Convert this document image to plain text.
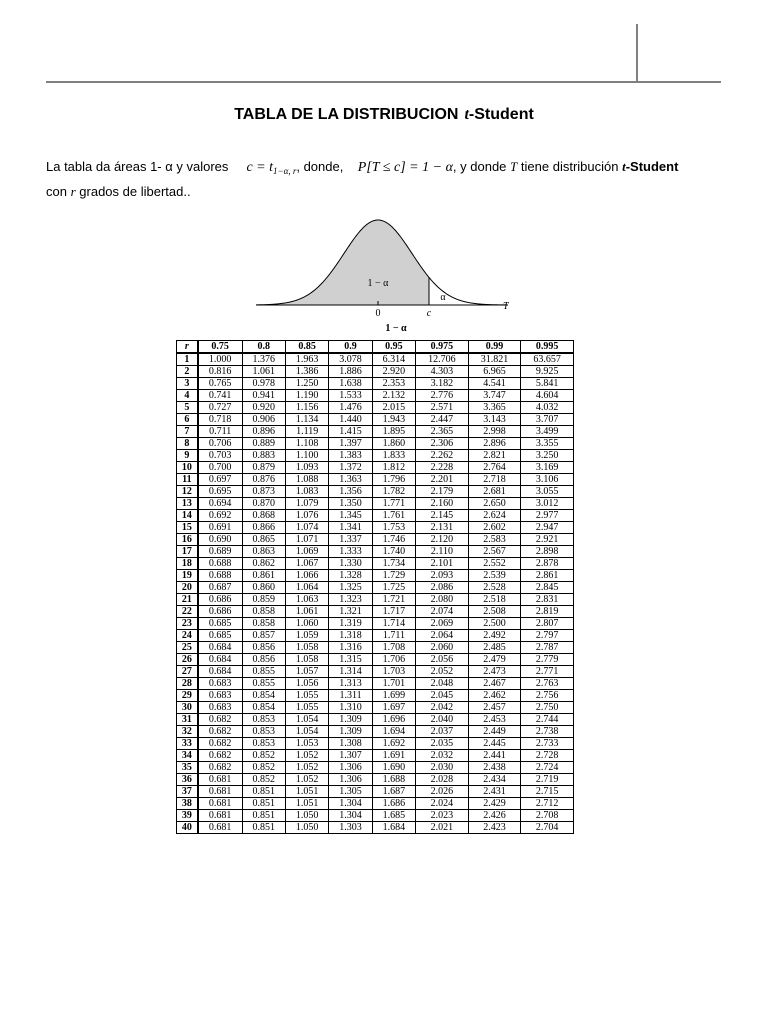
TABLA DE LA DISTRIBUCION t-Student
La tabla da áreas 1- α y valores $c = t_{1-\alpha, r}$, donde, P[T ≤ c] = 1 − α, y donde T tiene distribución t-Student
con r grados de libertad..
1 − α
α
0	c
T
1 − α
r	0.75	0.8	0.85	0.9	0.95	0.975	0.99	0.995
1	1.000	1.376	1.963	3.078	6.314	12.706	31.821	63.657
2	0.816	1.061	1.386	1.886	2.920	4.303	6.965	9.925
3	0.765	0.978	1.250	1.638	2.353	3.182	4.541	5.841
4	0.741	0.941	1.190	1.533	2.132	2.776	3.747	4.604
5	0.727	0.920	1.156	1.476	2.015	2.571	3.365	4.032
6	0.718	0.906	1.134	1.440	1.943	2.447	3.143	3.707
7	0.711	0.896	1.119	1.415	1.895	2.365	2.998	3.499
8	0.706	0.889	1.108	1.397	1.860	2.306	2.896	3.355
9	0.703	0.883	1.100	1.383	1.833	2.262	2.821	3.250
10	0.700	0.879	1.093	1.372	1.812	2.228	2.764	3.169
11	0.697	0.876	1.088	1.363	1.796	2.201	2.718	3.106
12	0.695	0.873	1.083	1.356	1.782	2.179	2.681	3.055
13	0.694	0.870	1.079	1.350	1.771	2.160	2.650	3.012
14	0.692	0.868	1.076	1.345	1.761	2.145	2.624	2.977
15	0.691	0.866	1.074	1.341	1.753	2.131	2.602	2.947
16	0.690	0.865	1.071	1.337	1.746	2.120	2.583	2.921
17	0.689	0.863	1.069	1.333	1.740	2.110	2.567	2.898
18	0.688	0.862	1.067	1.330	1.734	2.101	2.552	2.878
19	0.688	0.861	1.066	1.328	1.729	2.093	2.539	2.861
20	0.687	0.860	1.064	1.325	1.725	2.086	2.528	2.845
21	0.686	0.859	1.063	1.323	1.721	2.080	2.518	2.831
22	0.686	0.858	1.061	1.321	1.717	2.074	2.508	2.819
23	0.685	0.858	1.060	1.319	1.714	2.069	2.500	2.807
24	0.685	0.857	1.059	1.318	1.711	2.064	2.492	2.797
25	0.684	0.856	1.058	1.316	1.708	2.060	2.485	2.787
26	0.684	0.856	1.058	1.315	1.706	2.056	2.479	2.779
27	0.684	0.855	1.057	1.314	1.703	2.052	2.473	2.771
28	0.683	0.855	1.056	1.313	1.701	2.048	2.467	2.763
29	0.683	0.854	1.055	1.311	1.699	2.045	2.462	2.756
30	0.683	0.854	1.055	1.310	1.697	2.042	2.457	2.750
31	0.682	0.853	1.054	1.309	1.696	2.040	2.453	2.744
32	0.682	0.853	1.054	1.309	1.694	2.037	2.449	2.738
33	0.682	0.853	1.053	1.308	1.692	2.035	2.445	2.733
34	0.682	0.852	1.052	1.307	1.691	2.032	2.441	2.728
35	0.682	0.852	1.052	1.306	1.690	2.030	2.438	2.724
36	0.681	0.852	1.052	1.306	1.688	2.028	2.434	2.719
37	0.681	0.851	1.051	1.305	1.687	2.026	2.431	2.715
38	0.681	0.851	1.051	1.304	1.686	2.024	2.429	2.712
39	0.681	0.851	1.050	1.304	1.685	2.023	2.426	2.708
40	0.681	0.851	1.050	1.303	1.684	2.021	2.423	2.704
